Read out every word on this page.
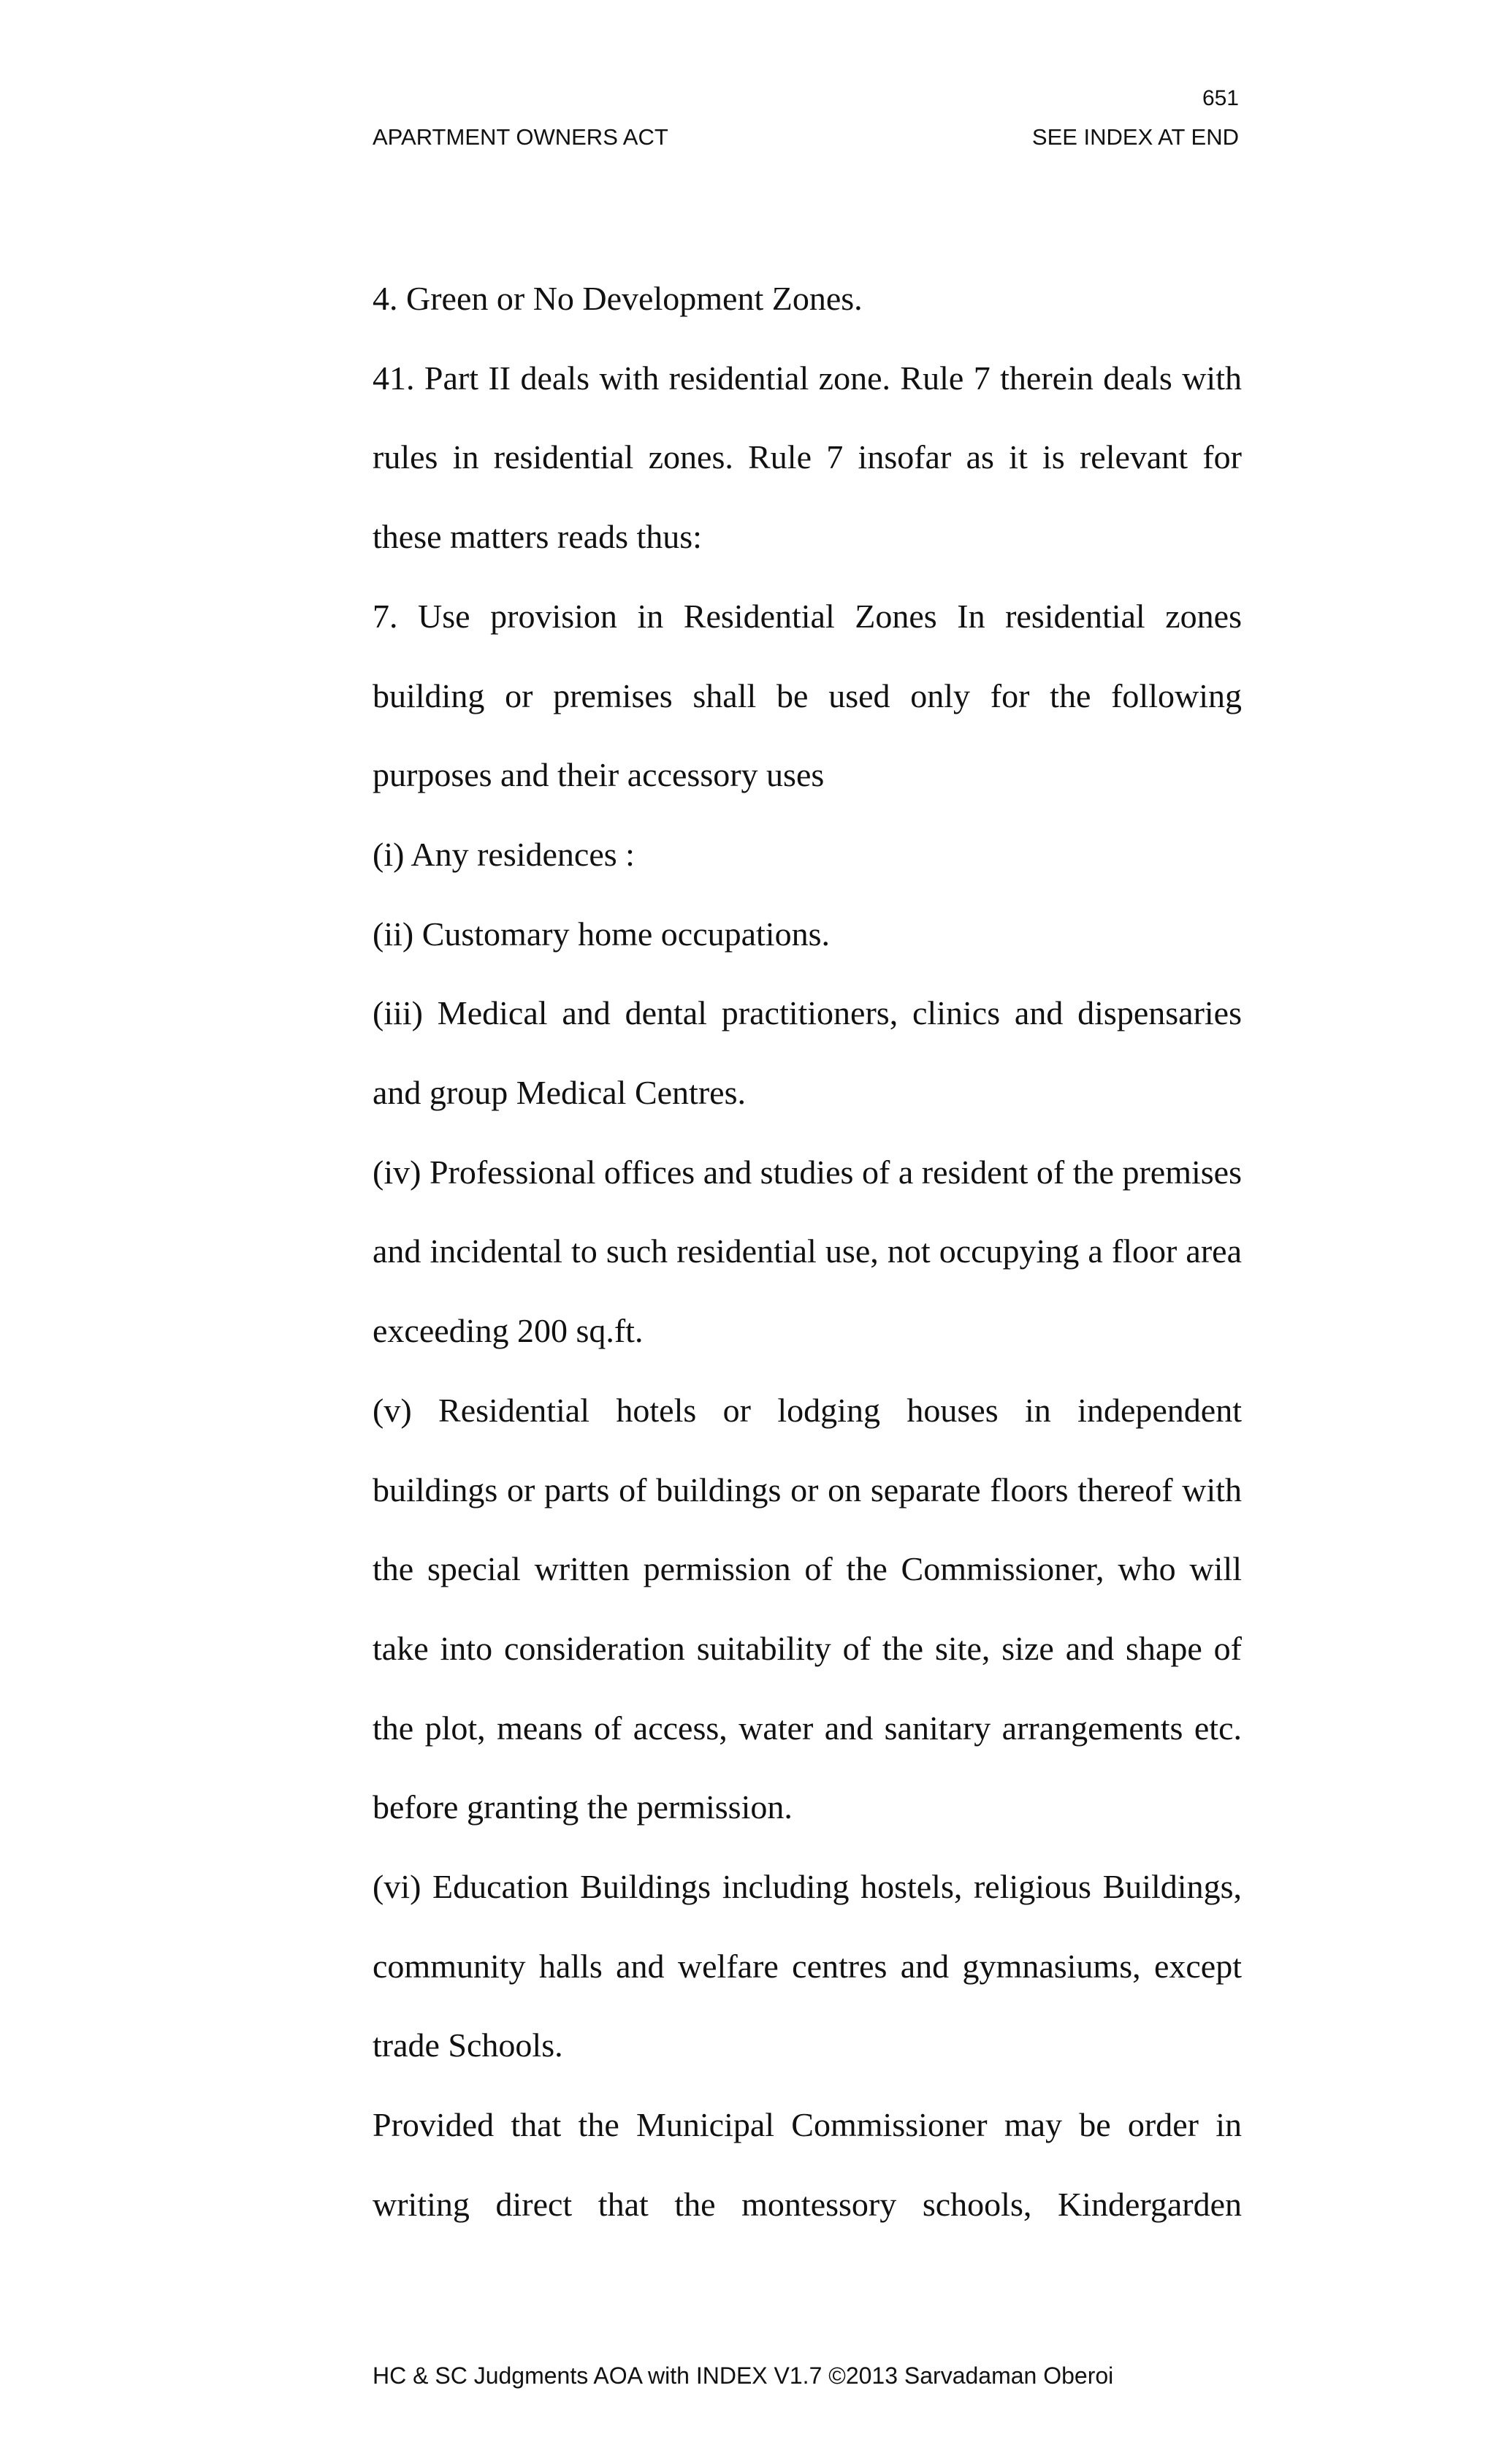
651
APARTMENT OWNERS ACT	SEE INDEX AT END

4. Green or No Development Zones.

41. Part II deals with residential zone. Rule 7 therein deals with rules in residential zones. Rule 7 insofar as it is relevant for these matters reads thus:

7. Use provision in Residential Zones In residential zones building or premises shall be used only for the following purposes and their accessory uses

(i) Any residences :

(ii) Customary home occupations.

(iii) Medical and dental practitioners, clinics and dispensaries and group Medical Centres.

(iv) Professional offices and studies of a resident of the premises and incidental to such residential use, not occupying a floor area exceeding 200 sq.ft.

(v) Residential hotels or lodging houses in independent buildings or parts of buildings or on separate floors thereof with the special written permission of the Commissioner, who will take into consideration suitability of the site, size and shape of the plot, means of access, water and sanitary arrangements etc. before granting the permission.

(vi) Education Buildings including hostels, religious Buildings, community halls and welfare centres and gymnasiums, except trade Schools.

Provided that the Municipal Commissioner may be order in writing direct that the montessory schools, Kindergarden

HC & SC Judgments AOA with INDEX V1.7 ©2013 Sarvadaman Oberoi
